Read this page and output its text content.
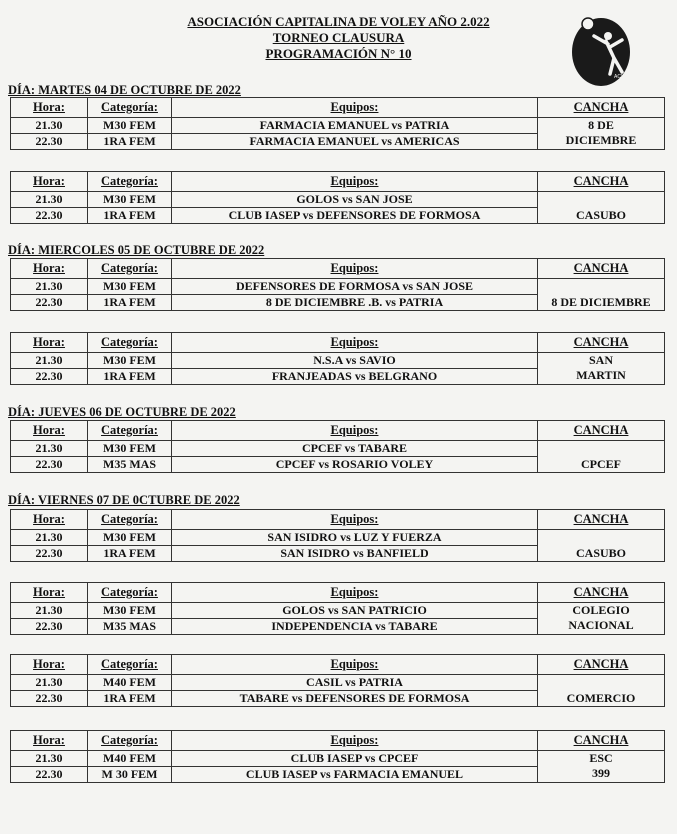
ASOCIACIÓN CAPITALINA DE VOLEY AÑO 2.022
TORNEO CLAUSURA
PROGRAMACIÓN N° 10
ACV
DÍA: MARTES 04 DE OCTUBRE DE 2022
Hora:	Categoría:	Equipos:	CANCHA
21.30	M30 FEM	FARMACIA EMANUEL vs PATRIA	8 DE
DICIEMBRE

22.30	1RA FEM	FARMACIA EMANUEL vs AMERICAS	
Hora:	Categoría:	Equipos:	CANCHA
21.30	M30 FEM	GOLOS vs SAN JOSE	CASUBO

22.30	1RA FEM	CLUB IASEP vs DEFENSORES DE FORMOSA	
DÍA: MIERCOLES 05 DE OCTUBRE DE 2022
Hora:	Categoría:	Equipos:	CANCHA
21.30	M30 FEM	DEFENSORES DE FORMOSA vs SAN JOSE	8 DE DICIEMBRE

22.30	1RA FEM	8 DE DICIEMBRE .B. vs PATRIA	
Hora:	Categoría:	Equipos:	CANCHA
21.30	M30 FEM	N.S.A vs SAVIO	SAN
MARTIN

22.30	1RA FEM	FRANJEADAS vs BELGRANO	
DÍA: JUEVES 06 DE OCTUBRE DE 2022
Hora:	Categoría:	Equipos:	CANCHA
21.30	M30 FEM	CPCEF vs TABARE	CPCEF

22.30	M35 MAS	CPCEF vs ROSARIO VOLEY	
DÍA: VIERNES 07 DE 0CTUBRE DE 2022
Hora:	Categoría:	Equipos:	CANCHA
21.30	M30 FEM	SAN ISIDRO vs LUZ Y FUERZA	CASUBO

22.30	1RA FEM	SAN ISIDRO vs BANFIELD	
Hora:	Categoría:	Equipos:	CANCHA
21.30	M30 FEM	GOLOS vs SAN PATRICIO	COLEGIO
NACIONAL

22.30	M35 MAS	INDEPENDENCIA vs TABARE	
Hora:	Categoría:	Equipos:	CANCHA
21.30	M40 FEM	CASIL vs PATRIA	COMERCIO

22.30	1RA FEM	TABARE vs DEFENSORES DE FORMOSA	
Hora:	Categoría:	Equipos:	CANCHA
21.30	M40 FEM	CLUB IASEP vs CPCEF	ESC
399

22.30	M 30 FEM	CLUB IASEP vs FARMACIA EMANUEL	
